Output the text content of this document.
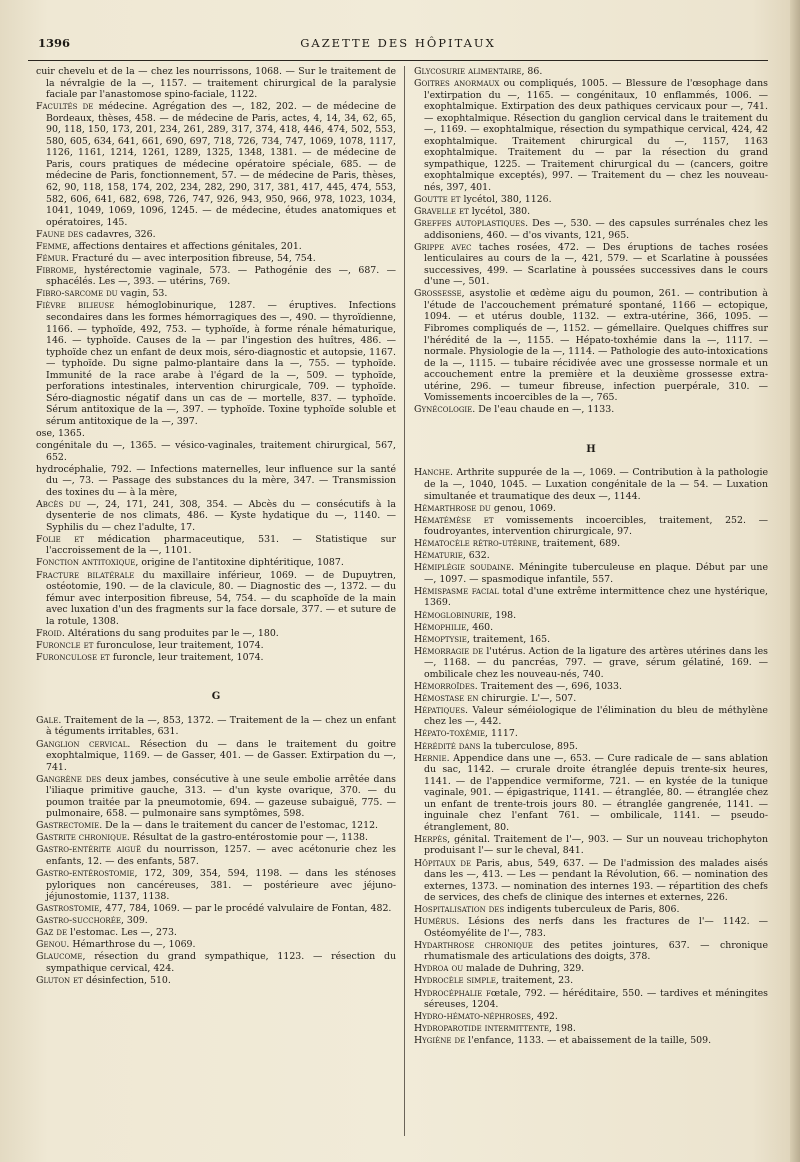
1396	GAZETTE DES HÔPITAUX
cuir chevelu et de la — chez les nourrissons, 1068. — Sur le traitement de la névralgie de la —, 1157. — traitement chirurgical de la paralysie faciale par l'anastomose spino-faciale, 1122.
Facultés de médecine. Agrégation des —, 182, 202. — de médecine de Bordeaux, thèses, 458. — de médecine de Paris, actes, 4, 14, 34, 62, 65, 90, 118, 150, 173, 201, 234, 261, 289, 317, 374, 418, 446, 474, 502, 553, 580, 605, 634, 641, 661, 690, 697, 718, 726, 734, 747, 1069, 1078, 1117, 1126, 1161, 1214, 1261, 1289, 1325, 1348, 1381. — de médecine de Paris, cours pratiques de médecine opératoire spéciale, 685. — de médecine de Paris, fonctionnement, 57. — de médecine de Paris, thèses, 62, 90, 118, 158, 174, 202, 234, 282, 290, 317, 381, 417, 445, 474, 553, 582, 606, 641, 682, 698, 726, 747, 926, 943, 950, 966, 978, 1023, 1034, 1041, 1049, 1069, 1096, 1245. — de médecine, études anatomiques et opératoires, 145.
Faune des cadavres, 326.
Femme, affections dentaires et affections génitales, 201.
Fémur. Fracturé du — avec interposition fibreuse, 54, 754.
Fibrome, hystérectomie vaginale, 573. — Pathogénie des —, 687. — sphacélés. Les —, 393. — utérins, 769.
Fibro-sarcome du vagin, 53.
Fièvre bilieuse hémoglobinurique, 1287. — éruptives. Infections secondaires dans les formes hémorragiques des —, 490. — thyroïdienne, 1166. — typhoïde, 492, 753. — typhoïde, à forme rénale hématurique, 146. — typhoïde. Causes de la — par l'ingestion des huîtres, 486. — typhoïde chez un enfant de deux mois, séro-diagnostic et autopsie, 1167. — typhoïde. Du signe palmo-plantaire dans la —, 755. — typhoïde. Immunité de la race arabe à l'égard de la —, 509. — typhoïde, perforations intestinales, intervention chirurgicale, 709. — typhoïde. Séro-diagnostic négatif dans un cas de — mortelle, 837. — typhoïde. Sérum antitoxique de la —, 397. — typhoïde. Toxine typhoïde soluble et sérum antitoxique de la —, 397.
ose, 1365.
congénitale du —, 1365. — vésico-vaginales, traitement chirurgical, 567, 652.
hydrocéphalie, 792. — Infections maternelles, leur influence sur la santé du —, 73. — Passage des substances du la mère, 347. — Transmission des toxines du — à la mère,
Abcès du —, 24, 171, 241, 308, 354. — Abcès du — consécutifs à la dysenterie de nos climats, 486. — Kyste hydatique du —, 1140. — Syphilis du — chez l'adulte, 17.
Folie et médication pharmaceutique, 531. — Statistique sur l'accroissement de la —, 1101.
Fonction antitoxique, origine de l'antitoxine diphtéritique, 1087.
Fracture bilatérale du maxillaire inférieur, 1069. — de Dupuytren, ostéotomie, 190. — de la clavicule, 80. — Diagnostic des —, 1372. — du fémur avec interposition fibreuse, 54, 754. — du scaphoïde de la main avec luxation d'un des fragments sur la face dorsale, 377. — et suture de la rotule, 1308.
Froid. Altérations du sang produites par le —, 180.
Furoncle et furonculose, leur traitement, 1074.
Furonculose et furoncle, leur traitement, 1074.
G
Gale. Traitement de la —, 853, 1372. — Traitement de la — chez un enfant à téguments irritables, 631.
Ganglion cervical. Résection du — dans le traitement du goitre exophtalmique, 1169. — de Gasser, 401. — de Gasser. Extirpation du —, 741.
Gangrène des deux jambes, consécutive à une seule embolie arrêtée dans l'iliaque primitive gauche, 313. — d'un kyste ovarique, 370. — du poumon traitée par la pneumotomie, 694. — gazeuse subaiguë, 775. — pulmonaire, 658. — pulmonaire sans symptômes, 598.
Gastrectomie. De la — dans le traitement du cancer de l'estomac, 1212.
Gastrite chronique. Résultat de la gastro-entérostomie pour —, 1138.
Gastro-entérite aiguë du nourrisson, 1257. — avec acétonurie chez les enfants, 12. — des enfants, 587.
Gastro-entérostomie, 172, 309, 354, 594, 1198. — dans les sténoses pyloriques non cancéreuses, 381. — postérieure avec jéjuno-jéjunostomie, 1137, 1138.
Gastrostomie, 477, 784, 1069. — par le procédé valvulaire de Fontan, 482.
Gastro-succhorée, 309.
Gaz de l'estomac. Les —, 273.
Genou. Hémarthrose du —, 1069.
Glaucome, résection du grand sympathique, 1123. — résection du sympathique cervical, 424.
Gluton et désinfection, 510.
Glycosurie alimentaire, 86.
Goitres anormaux ou compliqués, 1005. — Blessure de l'œsophage dans l'extirpation du —, 1165. — congénitaux, 10 enflammés, 1006. — exophtalmique. Extirpation des deux pathiques cervicaux pour —, 741. — exophtalmique. Résection du ganglion cervical dans le traitement du —, 1169. — exophtalmique, résection du sympathique cervical, 424, 42 exophtalmique. Traitement chirurgical du —, 1157, 1163 exophtalmique. Traitement du — par la résection du grand sympathique, 1225. — Traitement chirurgical du — (cancers, goitre exophtalmique exceptés), 997. — Traitement du — chez les nouveau-nés, 397, 401.
Goutte et lycétol, 380, 1126.
Gravelle et lycétol, 380.
Greffes autoplastiques. Des —, 530. — des capsules surrénales chez les addisoniens, 460. — d'os vivants, 121, 965.
Grippe avec taches rosées, 472. — Des éruptions de taches rosées lenticulaires au cours de la —, 421, 579. — et Scarlatine à poussées successives, 499. — Scarlatine à poussées successives dans le cours d'une —, 501.
Grossesse, asystolie et œdème aigu du poumon, 261. — contribution à l'étude de l'accouchement prématuré spontané, 1166 — ectopique, 1094. — et utérus double, 1132. — extra-utérine, 366, 1095. — Fibromes compliqués de —, 1152. — gémellaire. Quelques chiffres sur l'hérédité de la —, 1155. — Hépato-toxhémie dans la —, 1117. — normale. Physiologie de la —, 1114. — Pathologie des auto-intoxications de la —, 1115. — tubaire récidivée avec une grossesse normale et un accouchement entre la première et la deuxième grossesse extra-utérine, 296. — tumeur fibreuse, infection puerpérale, 310. — Vomissements incoercibles de la —, 765.
Gynécologie. De l'eau chaude en —, 1133.
H
Hanche. Arthrite suppurée de la —, 1069. — Contribution à la pathologie de la —, 1040, 1045. — Luxation congénitale de la — 54. — Luxation simultanée et traumatique des deux —, 1144.
Hémarthrose du genou, 1069.
Hématémèse et vomissements incoercibles, traitement, 252. — foudroyantes, intervention chirurgicale, 97.
Hématocèle rétro-utérine, traitement, 689.
Hématurie, 632.
Hémiplégie soudaine. Méningite tuberculeuse en plaque. Début par une —, 1097. — spasmodique infantile, 557.
Hémispasme facial total d'une extrême intermittence chez une hystérique, 1369.
Hémoglobinurie, 198.
Hémophilie, 460.
Hémoptysie, traitement, 165.
Hémorragie de l'utérus. Action de la ligature des artères utérines dans les —, 1168. — du pancréas, 797. — grave, sérum gélatiné, 169. — ombilicale chez les nouveau-nés, 740.
Hémorroïdes. Traitement des —, 696, 1033.
Hémostase en chirurgie. L'—, 507.
Hépatiques. Valeur séméiologique de l'élimination du bleu de méthylène chez les —, 442.
Hépato-toxémie, 1117.
Hérédité dans la tuberculose, 895.
Hernie. Appendice dans une —, 653. — Cure radicale de — sans ablation du sac, 1142. — crurale droite étranglée depuis trente-six heures, 1141. — de l'appendice vermiforme, 721. — en kystée de la tunique vaginale, 901. — épigastrique, 1141. — étranglée, 80. — étranglée chez un enfant de trente-trois jours 80. — étranglée gangrenée, 1141. — inguinale chez l'enfant 761. — ombilicale, 1141. — pseudo-étranglement, 80.
Herpès, génital. Traitement de l'—, 903. — Sur un nouveau trichophyton produisant l'— sur le cheval, 841.
Hôpitaux de Paris, abus, 549, 637. — De l'admission des malades aisés dans les —, 413. — Les — pendant la Révolution, 66. — nomination des externes, 1373. — nomination des internes 193. — répartition des chefs de services, des chefs de clinique des internes et externes, 226.
Hospitalisation des indigents tuberculeux de Paris, 806.
Humérus. Lésions des nerfs dans les fractures de l'— 1142. — Ostéomyélite de l'—, 783.
Hydarthrose chronique des petites jointures, 637. — chronique rhumatismale des articulations des doigts, 378.
Hydroa ou malade de Duhring, 329.
Hydrocèle simple, traitement, 23.
Hydrocéphalie fœtale, 792. — héréditaire, 550. — tardives et méningites séreuses, 1204.
Hydro-hémato-néphroses, 492.
Hydroparotide intermittente, 198.
Hygiène de l'enfance, 1133. — et abaissement de la taille, 509.
